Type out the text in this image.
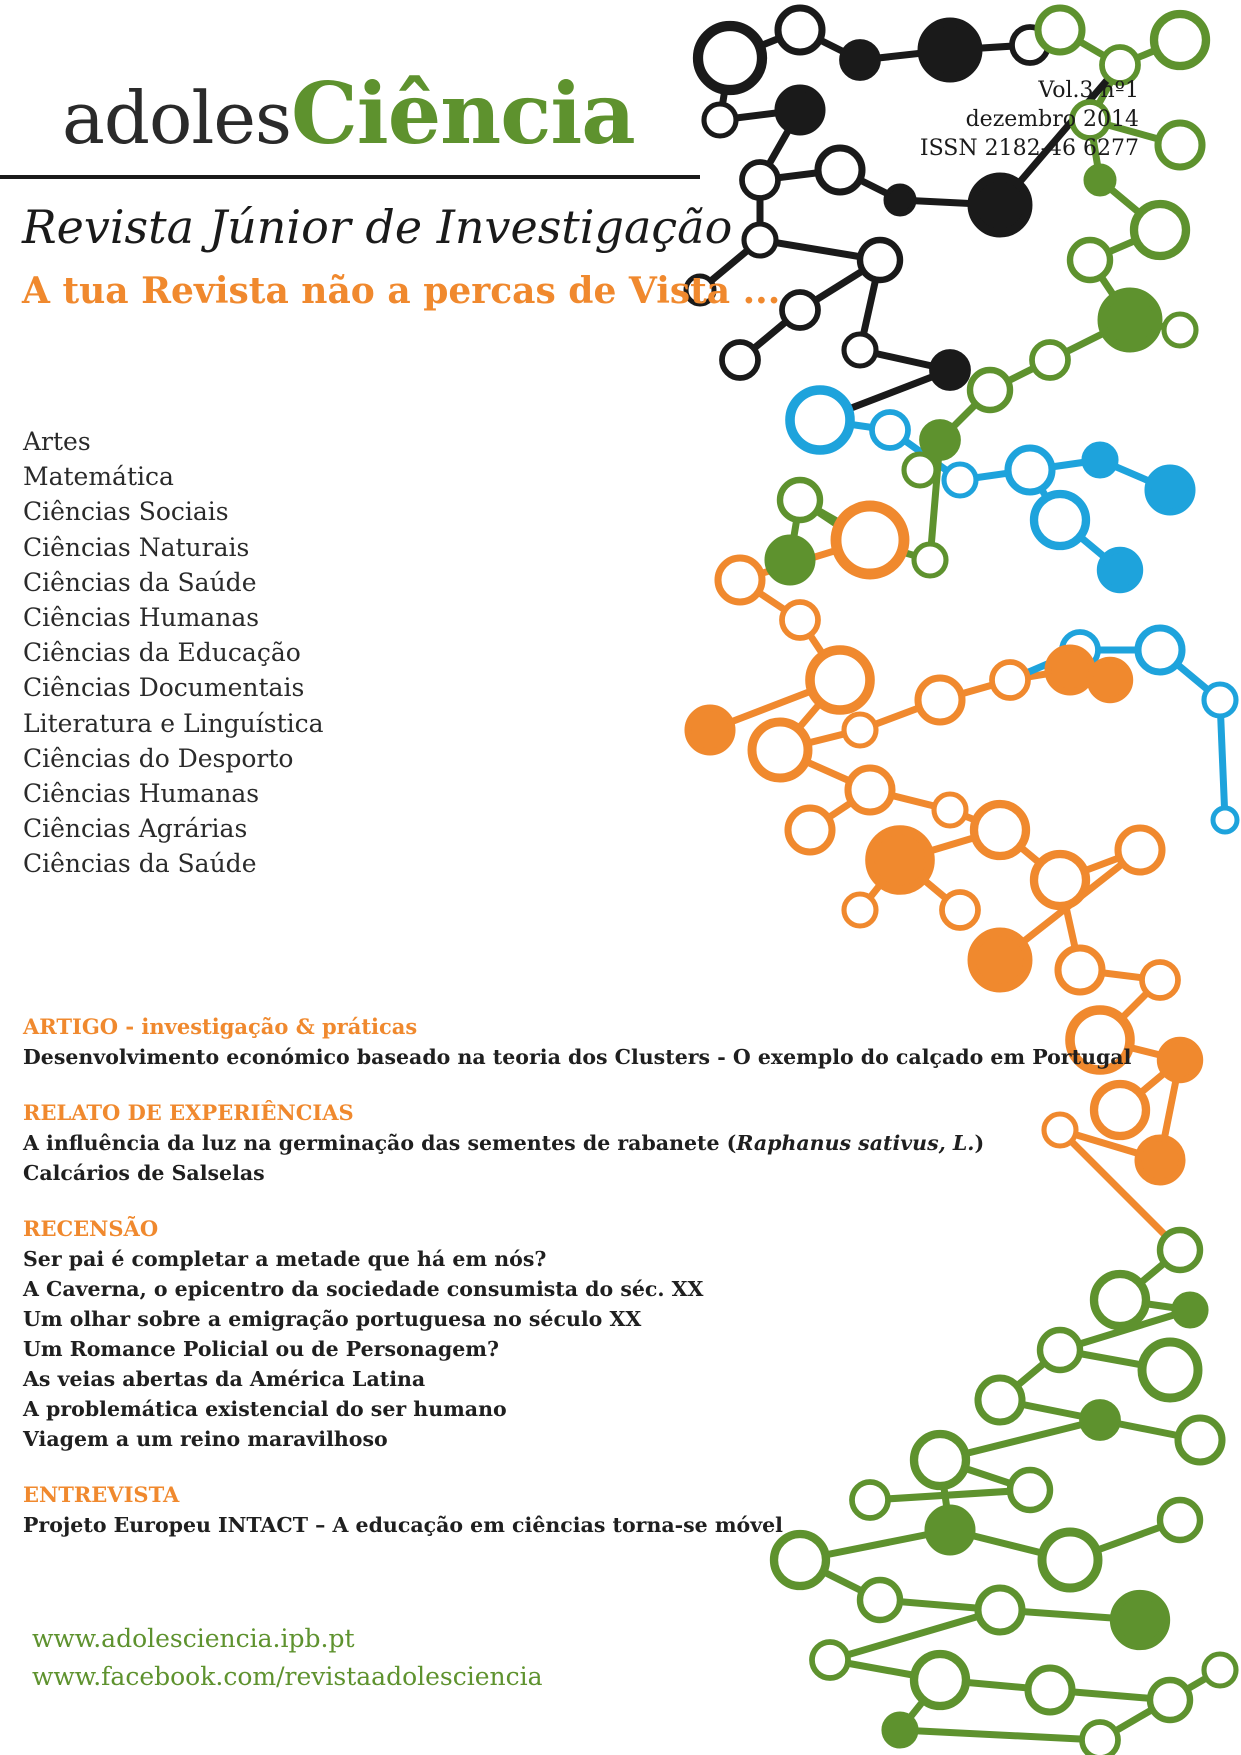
adolesCiência
Revista Júnior de Investigação
A tua Revista não a percas de Vista ...
Vol.3 nº1
dezembro 2014
ISSN 2182-46 6277
Artes
Matemática
Ciências Sociais
Ciências Naturais
Ciências da Saúde
Ciências Humanas
Ciências da Educação
Ciências Documentais
Literatura e Linguística
Ciências do Desporto
Ciências Humanas
Ciências Agrárias
Ciências da Saúde
ARTIGO - investigação & práticas
Desenvolvimento económico baseado na teoria dos Clusters - O exemplo do calçado em Portugal
RELATO DE EXPERIÊNCIAS
A influência da luz na germinação das sementes de rabanete (Raphanus sativus, L.)
Calcários de Salselas
RECENSÃO
Ser pai é completar a metade que há em nós?
A Caverna, o epicentro da sociedade consumista do séc. XX
Um olhar sobre a emigração portuguesa no século XX
Um Romance Policial ou de Personagem?
As veias abertas da América Latina
A problemática existencial do ser humano
Viagem a um reino maravilhoso
ENTREVISTA
Projeto Europeu INTACT – A educação em ciências torna-se móvel
www.adolesciencia.ipb.pt
www.facebook.com/revistaadolesciencia
